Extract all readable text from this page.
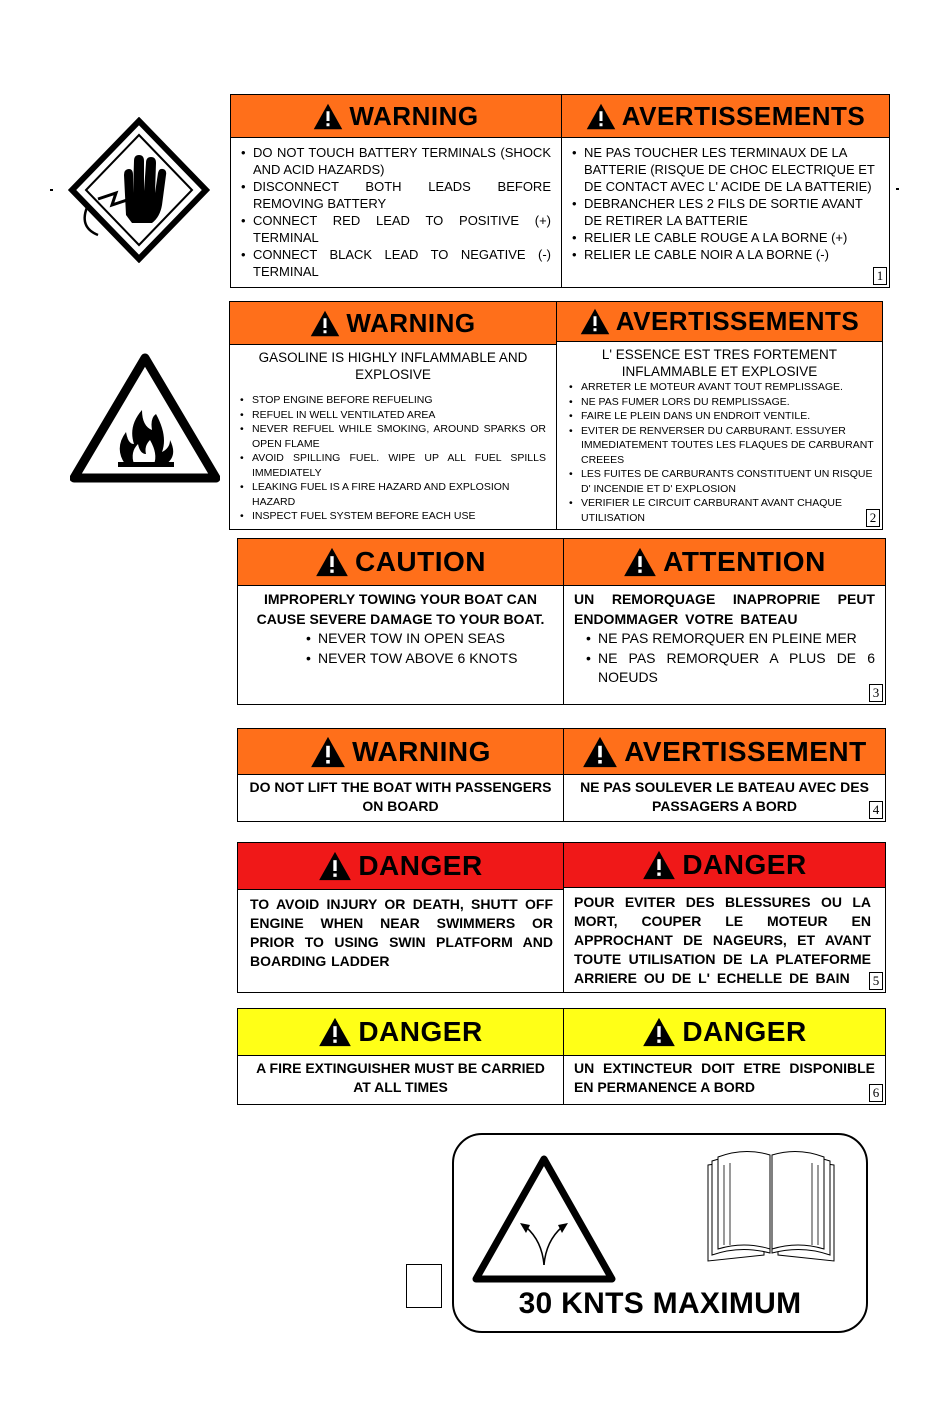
WARNING
• DO NOT TOUCH BATTERY TERMINALS (SHOCK AND ACID HAZARDS)
• DISCONNECT BOTH LEADS BEFORE REMOVING BATTERY
• CONNECT RED LEAD TO POSITIVE (+) TERMINAL
• CONNECT BLACK LEAD TO NEGATIVE (-) TERMINAL
AVERTISSEMENTS
• NE PAS TOUCHER LES TERMINAUX DE LA BATTERIE (RISQUE DE CHOC ELECTRIQUE ET DE CONTACT AVEC L' ACIDE DE LA BATTERIE)
• DEBRANCHER LES 2 FILS DE SORTIE AVANT DE RETIRER LA BATTERIE
• RELIER LE CABLE ROUGE A LA BORNE (+)
• RELIER LE CABLE NOIR A LA BORNE (-)
1
WARNING
GASOLINE IS HIGHLY INFLAMMABLE AND EXPLOSIVE
• STOP ENGINE BEFORE REFUELING
• REFUEL IN WELL VENTILATED AREA
• NEVER REFUEL WHILE SMOKING, AROUND SPARKS OR OPEN FLAME
• AVOID SPILLING FUEL. WIPE UP ALL FUEL SPILLS IMMEDIATELY
• LEAKING FUEL IS A FIRE HAZARD AND EXPLOSION HAZARD
• INSPECT FUEL SYSTEM BEFORE EACH USE
AVERTISSEMENTS
L' ESSENCE EST TRES FORTEMENT INFLAMMABLE ET EXPLOSIVE
• ARRETER LE MOTEUR AVANT TOUT REMPLISSAGE.
• NE PAS FUMER LORS DU REMPLISSAGE.
• FAIRE LE PLEIN DANS UN ENDROIT VENTILE.
• EVITER DE RENVERSER DU CARBURANT. ESSUYER IMMEDIATEMENT TOUTES LES FLAQUES DE CARBURANT CREEES
• LES FUITES DE CARBURANTS CONSTITUENT UN RISQUE D' INCENDIE ET D' EXPLOSION
• VERIFIER LE CIRCUIT CARBURANT AVANT CHAQUE UTILISATION	2
CAUTION
IMPROPERLY TOWING YOUR BOAT CAN CAUSE SEVERE DAMAGE TO YOUR BOAT.
• NEVER TOW IN OPEN SEAS
• NEVER TOW ABOVE 6 KNOTS
ATTENTION
UN REMORQUAGE INAPROPRIE PEUT ENDOMMAGER VOTRE BATEAU
• NE PAS REMORQUER EN PLEINE MER
• NE PAS REMORQUER A PLUS DE 6 NOEUDS
3
WARNING
DO NOT LIFT THE BOAT WITH PASSENGERS ON BOARD
AVERTISSEMENT
NE PAS SOULEVER LE BATEAU AVEC DES PASSAGERS A BORD	4
DANGER
TO AVOID INJURY OR DEATH, SHUTT OFF ENGINE WHEN NEAR SWIMMERS OR PRIOR TO USING SWIN PLATFORM AND BOARDING LADDER
DANGER
POUR EVITER DES BLESSURES OU LA MORT, COUPER LE MOTEUR EN APPROCHANT DE NAGEURS, ET AVANT TOUTE UTILISATION DE LA PLATEFORME ARRIERE OU DE L' ECHELLE DE BAIN	5
DANGER
A FIRE EXTINGUISHER MUST BE CARRIED AT ALL TIMES
DANGER
UN EXTINCTEUR DOIT ETRE DISPONIBLE EN PERMANENCE A BORD	6
30 KNTS MAXIMUM
